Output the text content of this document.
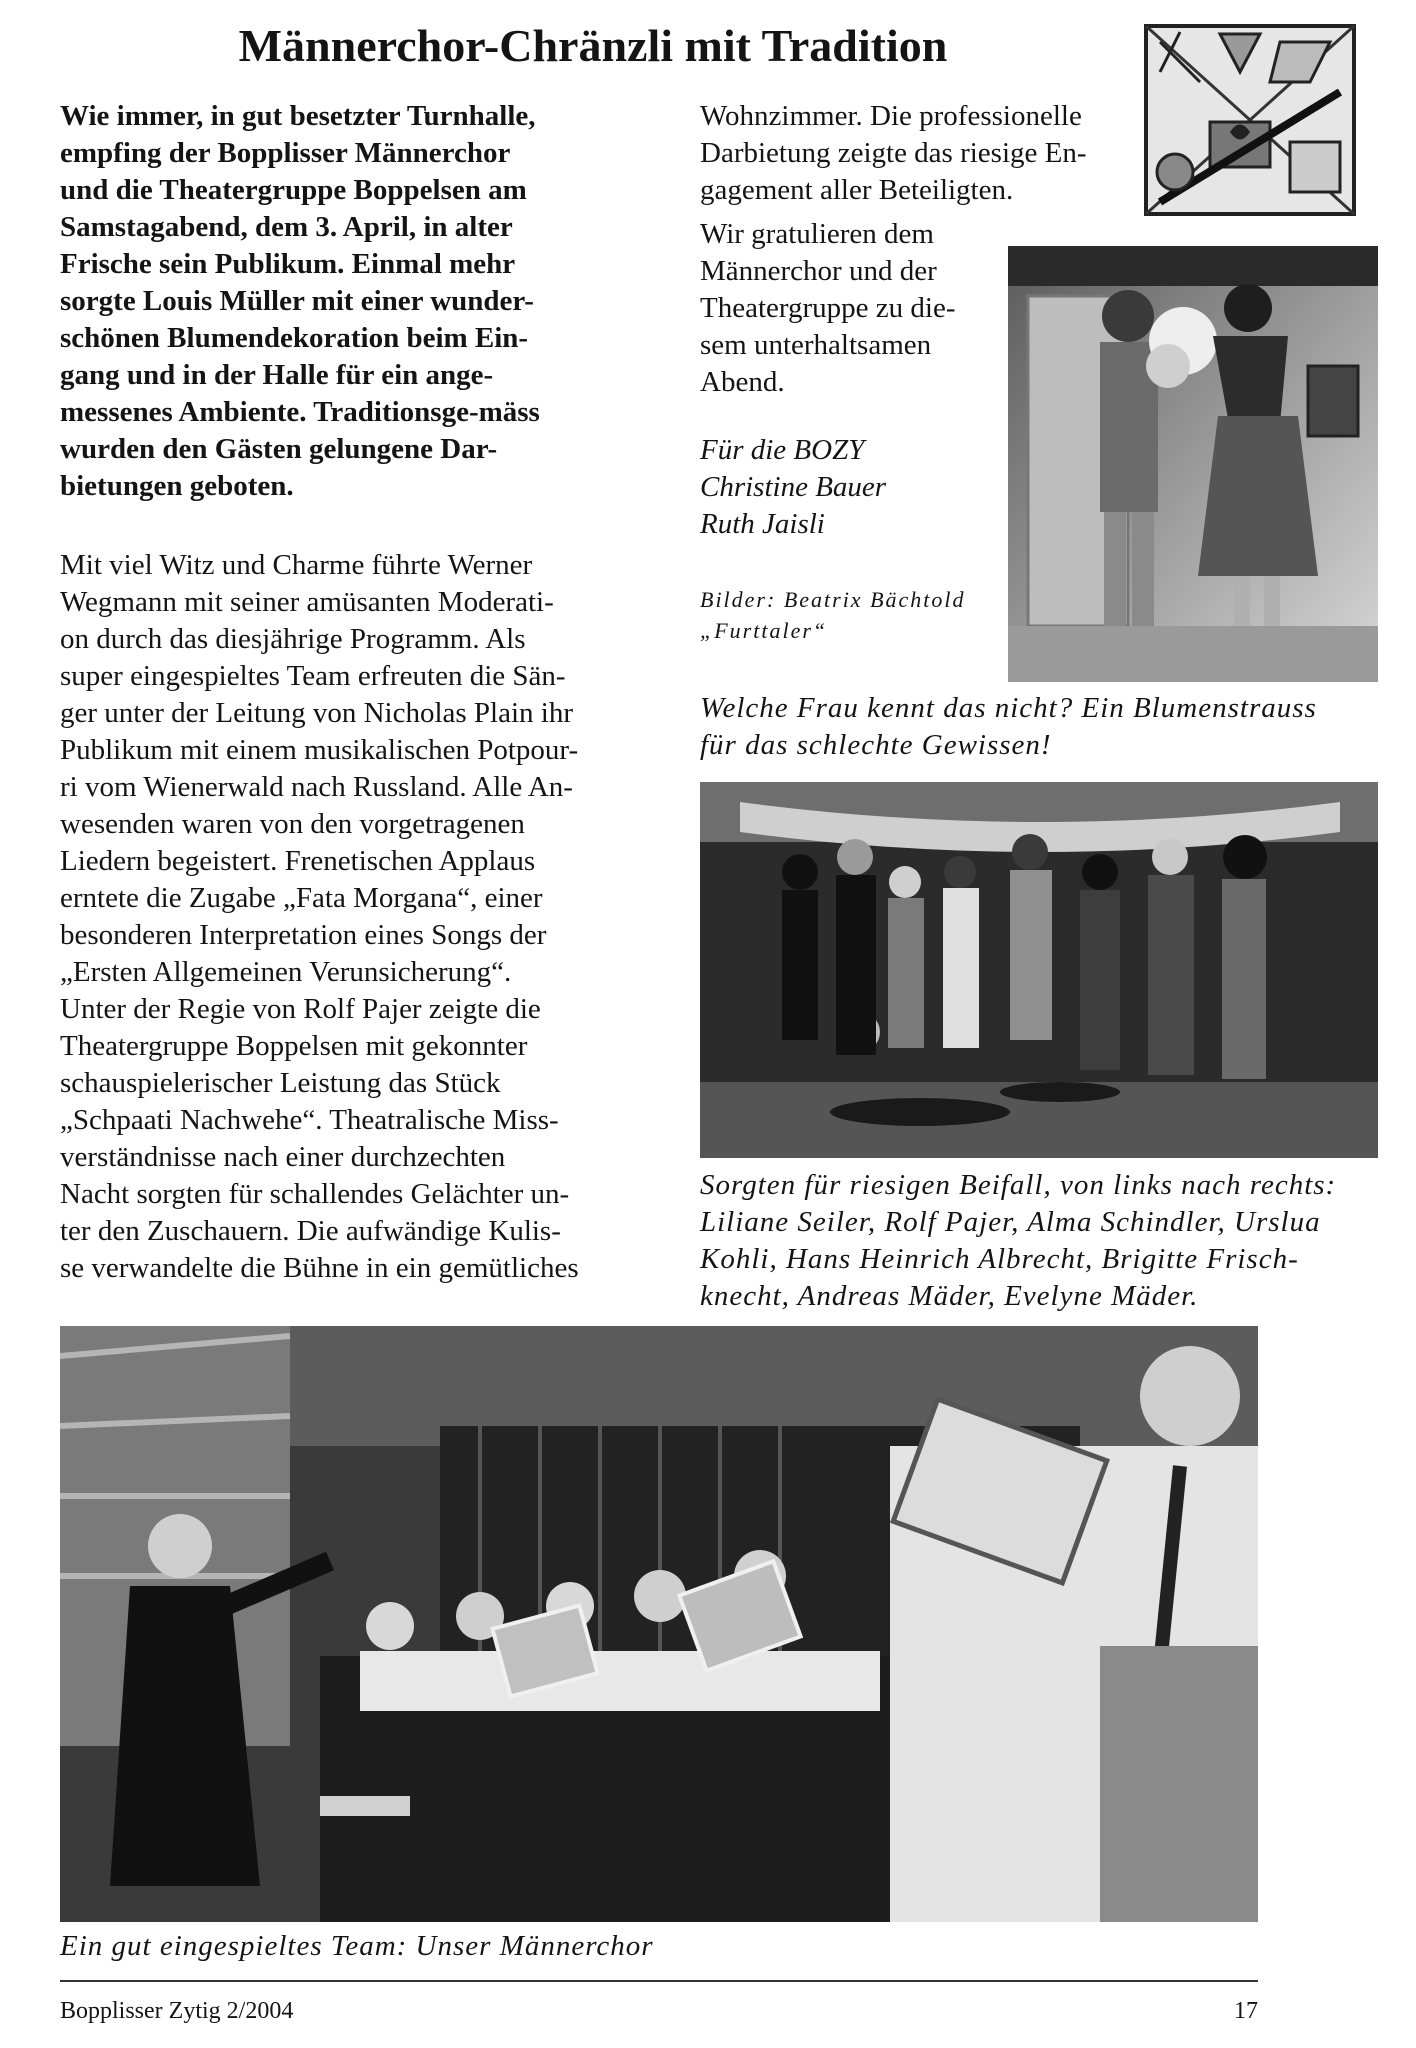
Männerchor-Chränzli mit Tradition
Wie immer, in gut besetzter Turnhalle,
empfing der Bopplisser Männerchor
und die Theatergruppe Boppelsen am
Samstagabend, dem 3. April, in alter
Frische sein Publikum. Einmal mehr
sorgte Louis Müller mit einer wunder-
schönen Blumendekoration beim Ein-
gang und in der Halle für ein ange-
messenes Ambiente. Traditionsge-mäss
wurden den Gästen gelungene Dar-
bietungen geboten.
Mit viel Witz und Charme führte Werner
Wegmann mit seiner amüsanten Moderati-
on durch das diesjährige Programm. Als
super eingespieltes Team erfreuten die Sän-
ger unter der Leitung von Nicholas Plain ihr
Publikum mit einem musikalischen Potpour-
ri vom Wienerwald nach Russland. Alle An-
wesenden waren von den vorgetragenen
Liedern begeistert. Frenetischen Applaus
erntete die Zugabe „Fata Morgana“, einer
besonderen Interpretation eines Songs der
„Ersten Allgemeinen Verunsicherung“.
Unter der Regie von Rolf Pajer zeigte die
Theatergruppe Boppelsen mit gekonnter
schauspielerischer Leistung das Stück
„Schpaati Nachwehe“. Theatralische Miss-
verständnisse nach einer durchzechten
Nacht sorgten für schallendes Gelächter un-
ter den Zuschauern. Die aufwändige Kulis-
se verwandelte die Bühne in ein gemütliches
Wohnzimmer. Die professionelle
Darbietung zeigte das riesige En-
gagement aller Beteiligten.
Wir gratulieren dem
Männerchor und der
Theatergruppe zu die-
sem unterhaltsamen
Abend.
Für die BOZY
Christine Bauer
Ruth Jaisli
Bilder: Beatrix Bächtold
„Furttaler“
Welche Frau kennt das nicht? Ein Blumenstrauss
für das schlechte Gewissen!
Sorgten für riesigen Beifall, von links nach rechts:
Liliane Seiler, Rolf Pajer, Alma Schindler, Urslua
Kohli, Hans Heinrich Albrecht, Brigitte Frisch-
knecht, Andreas Mäder, Evelyne Mäder.
Ein gut eingespieltes Team: Unser Männerchor
Bopplisser Zytig 2/2004	17
